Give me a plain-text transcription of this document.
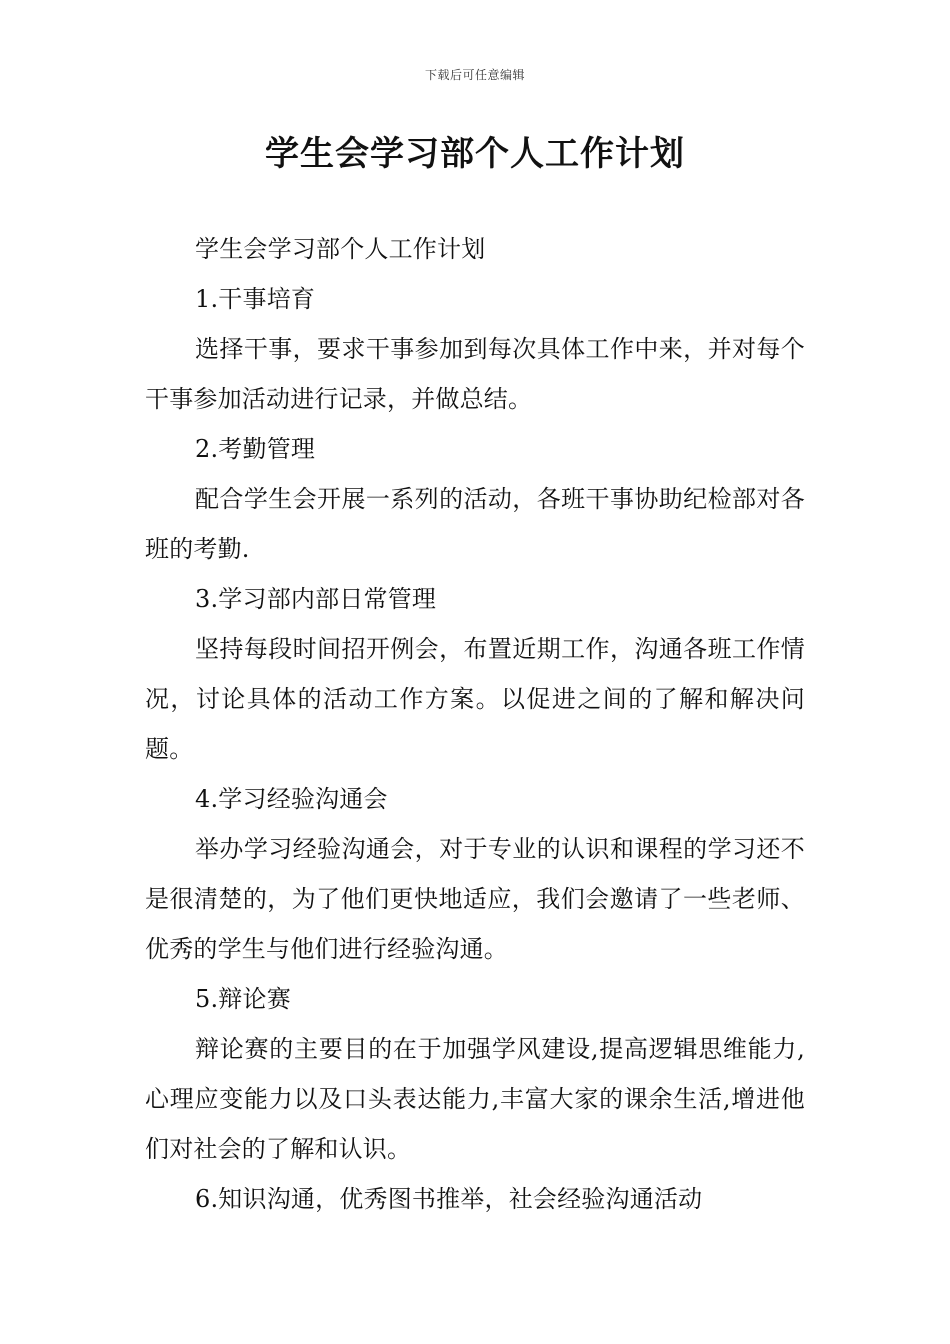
下载后可任意编辑
学生会学习部个人工作计划

学生会学习部个人工作计划

1.干事培育

选择干事，要求干事参加到每次具体工作中来，并对每个干事参加活动进行记录，并做总结。

2.考勤管理

配合学生会开展一系列的活动，各班干事协助纪检部对各班的考勤.

3.学习部内部日常管理

坚持每段时间招开例会，布置近期工作，沟通各班工作情况，讨论具体的活动工作方案。以促进之间的了解和解决问题。

4.学习经验沟通会

举办学习经验沟通会，对于专业的认识和课程的学习还不是很清楚的，为了他们更快地适应，我们会邀请了一些老师、优秀的学生与他们进行经验沟通。

5.辩论赛

辩论赛的主要目的在于加强学风建设,提高逻辑思维能力,心理应变能力以及口头表达能力,丰富大家的课余生活,增进他们对社会的了解和认识。

6.知识沟通，优秀图书推举，社会经验沟通活动
